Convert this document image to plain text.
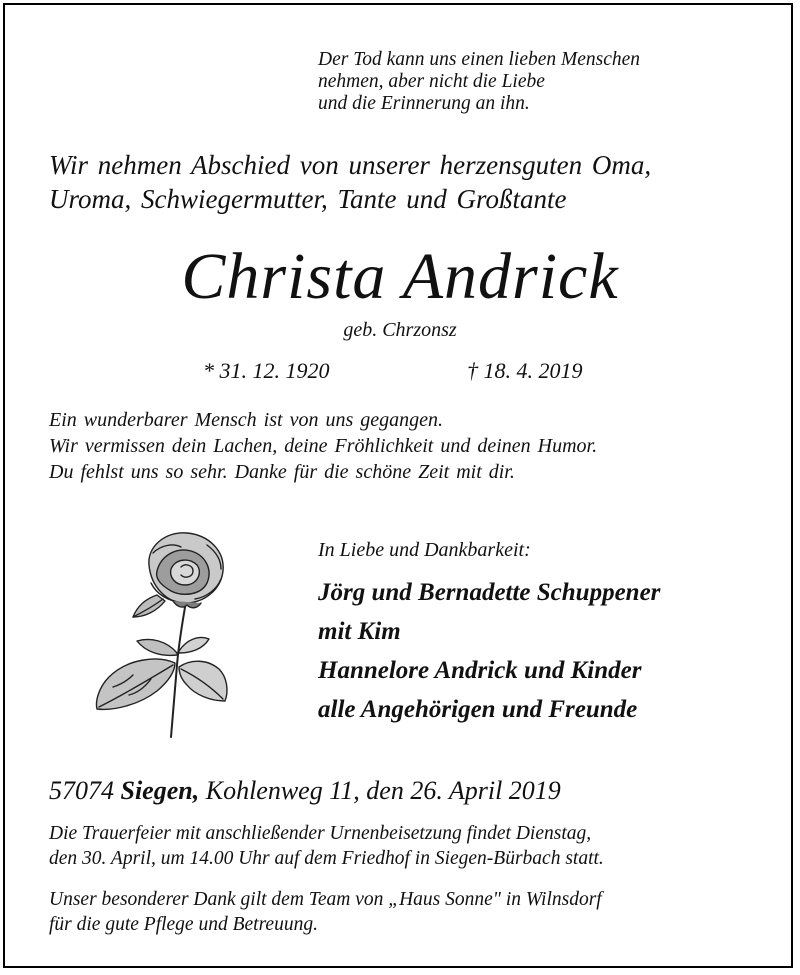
Der Tod kann uns einen lieben Menschen
nehmen, aber nicht die Liebe
und die Erinnerung an ihn.

Wir nehmen Abschied von unserer herzensguten Oma,
Uroma, Schwiegermutter, Tante und Großtante

Christa Andrick

geb. Chrzonsz

* 31. 12. 1920	† 18. 4. 2019

Ein wunderbarer Mensch ist von uns gegangen.
Wir vermissen dein Lachen, deine Fröhlichkeit und deinen Humor.
Du fehlst uns so sehr. Danke für die schöne Zeit mit dir.

In Liebe und Dankbarkeit:

Jörg und Bernadette Schuppener
mit Kim
Hannelore Andrick und Kinder
alle Angehörigen und Freunde

57074 Siegen, Kohlenweg 11, den 26. April 2019

Die Trauerfeier mit anschließender Urnenbeisetzung findet Dienstag,
den 30. April, um 14.00 Uhr auf dem Friedhof in Siegen-Bürbach statt.

Unser besonderer Dank gilt dem Team von „Haus Sonne" in Wilnsdorf
für die gute Pflege und Betreuung.
